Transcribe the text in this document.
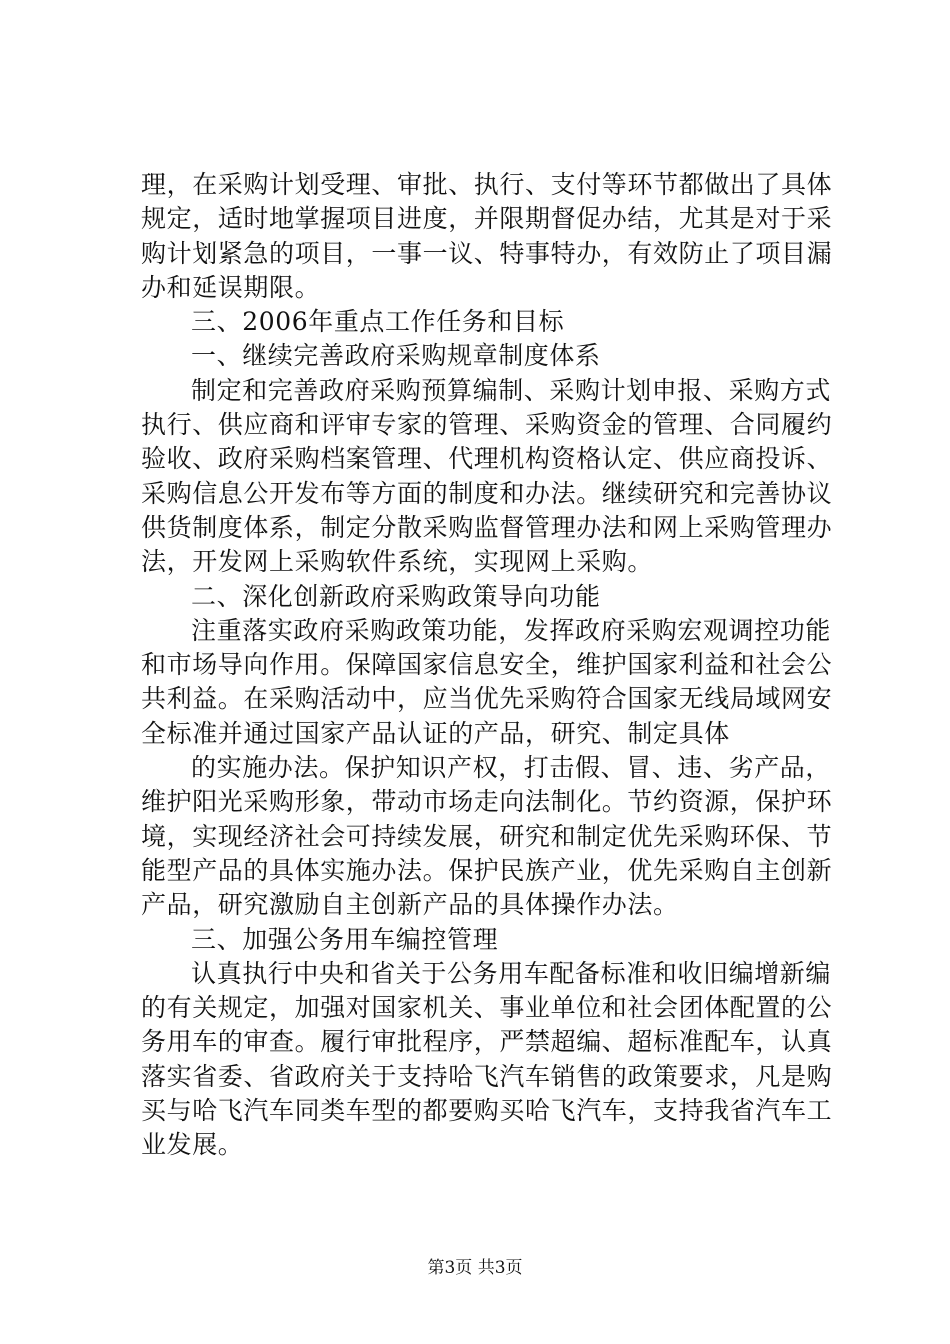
理，在采购计划受理、审批、执行、支付等环节都做出了具体
规定，适时地掌握项目进度，并限期督促办结，尤其是对于采
购计划紧急的项目，一事一议、特事特办，有效防止了项目漏
办和延误期限。
三、2006年重点工作任务和目标
一、继续完善政府采购规章制度体系
制定和完善政府采购预算编制、采购计划申报、采购方式
执行、供应商和评审专家的管理、采购资金的管理、合同履约
验收、政府采购档案管理、代理机构资格认定、供应商投诉、
采购信息公开发布等方面的制度和办法。继续研究和完善协议
供货制度体系，制定分散采购监督管理办法和网上采购管理办
法，开发网上采购软件系统，实现网上采购。
二、深化创新政府采购政策导向功能
注重落实政府采购政策功能，发挥政府采购宏观调控功能
和市场导向作用。保障国家信息安全，维护国家利益和社会公
共利益。在采购活动中，应当优先采购符合国家无线局域网安
全标准并通过国家产品认证的产品，研究、制定具体
的实施办法。保护知识产权，打击假、冒、违、劣产品，
维护阳光采购形象，带动市场走向法制化。节约资源，保护环
境，实现经济社会可持续发展，研究和制定优先采购环保、节
能型产品的具体实施办法。保护民族产业，优先采购自主创新
产品，研究激励自主创新产品的具体操作办法。
三、加强公务用车编控管理
认真执行中央和省关于公务用车配备标准和收旧编增新编
的有关规定，加强对国家机关、事业单位和社会团体配置的公
务用车的审查。履行审批程序，严禁超编、超标准配车，认真
落实省委、省政府关于支持哈飞汽车销售的政策要求，凡是购
买与哈飞汽车同类车型的都要购买哈飞汽车，支持我省汽车工
业发展。
第3页 共3页
